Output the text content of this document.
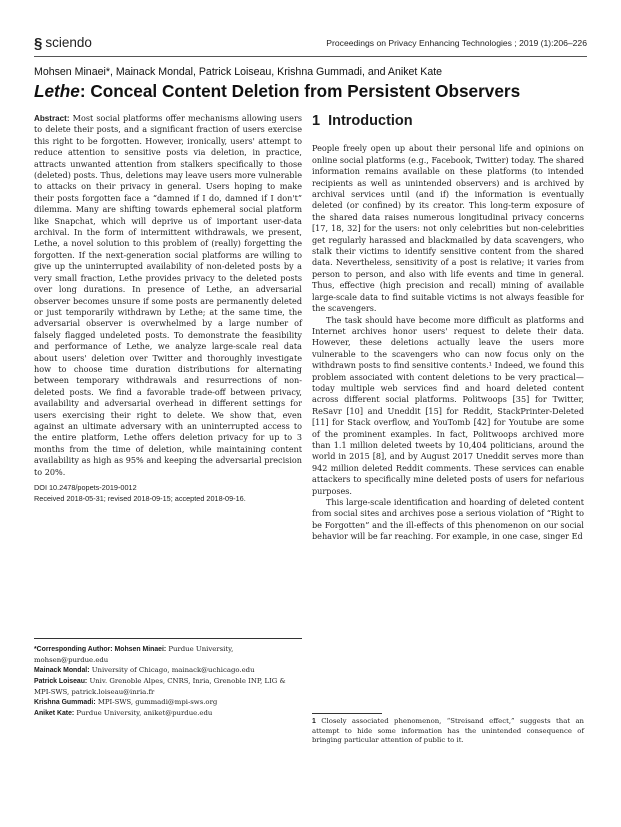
§ sciendo	Proceedings on Privacy Enhancing Technologies ; 2019 (1):206–226
Mohsen Minaei*, Mainack Mondal, Patrick Loiseau, Krishna Gummadi, and Aniket Kate
Lethe: Conceal Content Deletion from Persistent Observers
Abstract: Most social platforms offer mechanisms allowing users to delete their posts, and a significant fraction of users exercise this right to be forgotten. However, ironically, users' attempt to reduce attention to sensitive posts via deletion, in practice, attracts unwanted attention from stalkers specifically to those (deleted) posts. Thus, deletions may leave users more vulnerable to attacks on their privacy in general. Users hoping to make their posts forgotten face a “damned if I do, damned if I don't” dilemma. Many are shifting towards ephemeral social platform like Snapchat, which will deprive us of important user-data archival. In the form of intermittent withdrawals, we present, Lethe, a novel solution to this problem of (really) forgetting the forgotten. If the next-generation social platforms are willing to give up the uninterrupted availability of non-deleted posts by a very small fraction, Lethe provides privacy to the deleted posts over long durations. In presence of Lethe, an adversarial observer becomes unsure if some posts are permanently deleted or just temporarily withdrawn by Lethe; at the same time, the adversarial observer is overwhelmed by a large number of falsely flagged undeleted posts. To demonstrate the feasibility and performance of Lethe, we analyze large-scale real data about users' deletion over Twitter and thoroughly investigate how to choose time duration distributions for alternating between temporary withdrawals and resurrections of non-deleted posts. We find a favorable trade-off between privacy, availability and adversarial overhead in different settings for users exercising their right to delete. We show that, even against an ultimate adversary with an uninterrupted access to the entire platform, Lethe offers deletion privacy for up to 3 months from the time of deletion, while maintaining content availability as high as 95% and keeping the adversarial precision to 20%.
DOI 10.2478/popets-2019-0012
Received 2018-05-31; revised 2018-09-15; accepted 2018-09-16.
*Corresponding Author: Mohsen Minaei: Purdue University, mohsen@purdue.edu
Mainack Mondal: University of Chicago, mainack@uchicago.edu
Patrick Loiseau: Univ. Grenoble Alpes, CNRS, Inria, Grenoble INP, LIG & MPI-SWS, patrick.loiseau@inria.fr
Krishna Gummadi: MPI-SWS, gummadi@mpi-sws.org
Aniket Kate: Purdue University, aniket@purdue.edu
1 Introduction

People freely open up about their personal life and opinions on online social platforms (e.g., Facebook, Twitter) today. The shared information remains available on these platforms (to intended recipients as well as unintended observers) and is archived by archival services until (and if) the information is eventually deleted (or confined) by its creator. This long-term exposure of the shared data raises numerous longitudinal privacy concerns [17, 18, 32] for the users: not only celebrities but non-celebrities get regularly harassed and blackmailed by data scavengers, who stalk their victims to identify sensitive content from the shared data. Nevertheless, sensitivity of a post is relative; it varies from person to person, and also with life events and time in general. Thus, effective (high precision and recall) mining of available large-scale data to find suitable victims is not always feasible for the scavengers.

The task should have become more difficult as platforms and Internet archives honor users' request to delete their data. However, these deletions actually leave the users more vulnerable to the scavengers who can now focus only on the withdrawn posts to find sensitive contents.¹ Indeed, we found this problem associated with content deletions to be very practical—today multiple web services find and hoard deleted content across different social platforms. Politwoops [35] for Twitter, ReSavr [10] and Uneddit [15] for Reddit, StackPrinter-Deleted [11] for Stack overflow, and YouTomb [42] for Youtube are some of the prominent examples. In fact, Politwoops archived more than 1.1 million deleted tweets by 10,404 politicians, around the world in 2015 [8], and by August 2017 Uneddit serves more than 942 million deleted Reddit comments. These services can enable attackers to specifically mine deleted posts of users for nefarious purposes.

This large-scale identification and hoarding of deleted content from social sites and archives pose a serious violation of “Right to be Forgotten” and the ill-effects of this phenomenon on our social behavior will be far reaching. For example, in one case, singer Ed

1 Closely associated phenomenon, “Streisand effect,” suggests that an attempt to hide some information has the unintended consequence of bringing particular attention of public to it.
